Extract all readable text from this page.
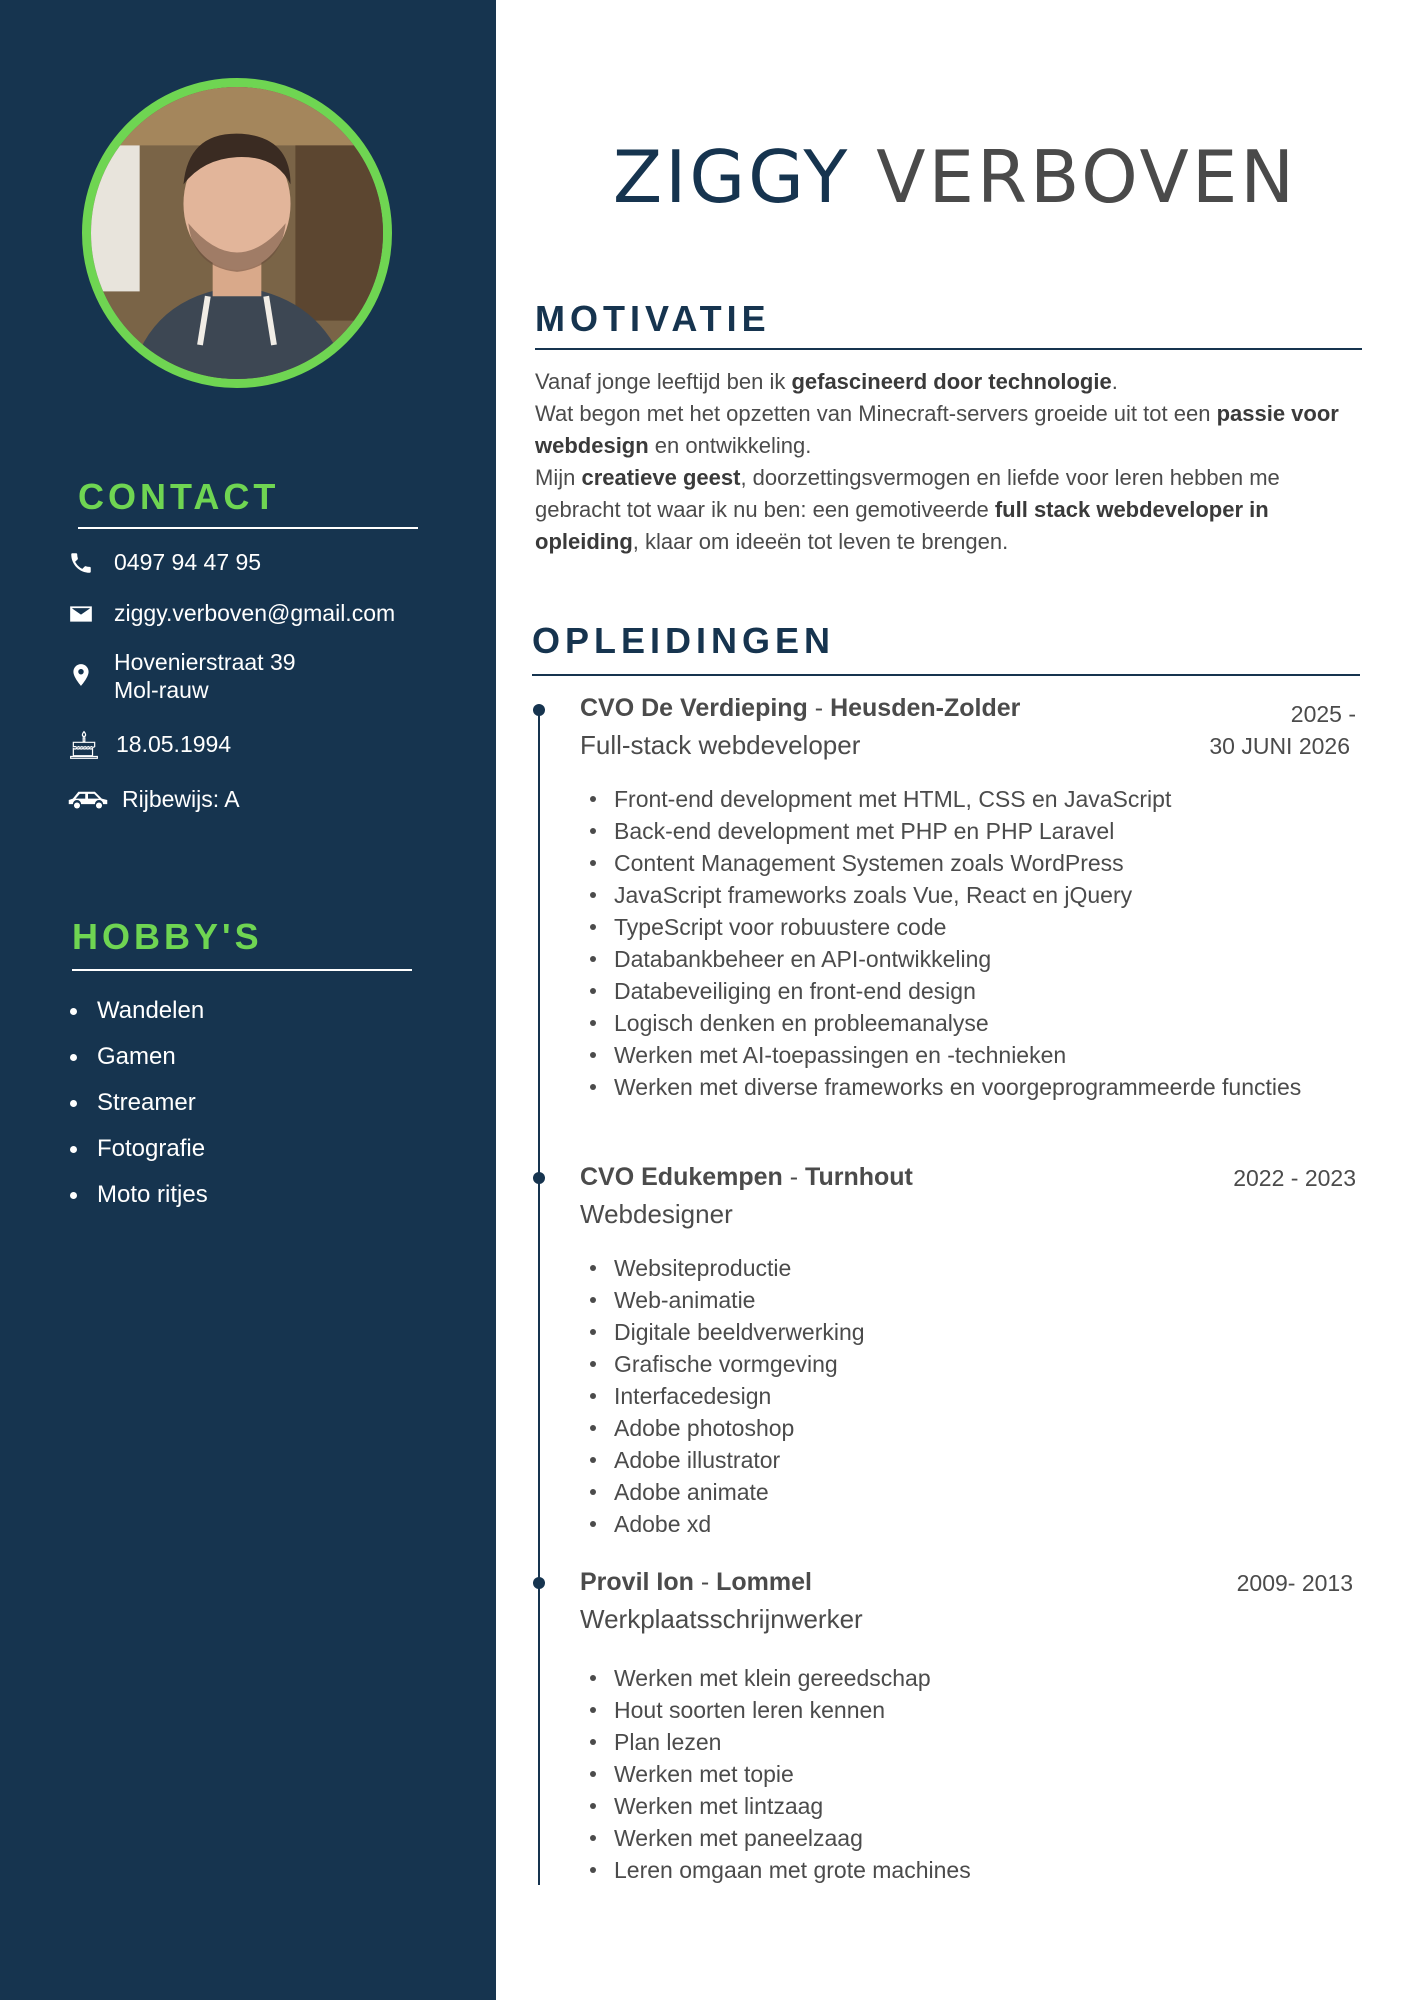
CONTACT
0497 94 47 95
ziggy.verboven@gmail.com
Hovenierstraat 39
Mol-rauw
18.05.1994
Rijbewijs: A
HOBBY'S
Wandelen
Gamen
Streamer
Fotografie
Moto ritjes
ZIGGY VERBOVEN
MOTIVATIE
Vanaf jonge leeftijd ben ik gefascineerd door technologie.
Wat begon met het opzetten van Minecraft-servers groeide uit tot een passie voor webdesign en ontwikkeling.
Mijn creatieve geest, doorzettingsvermogen en liefde voor leren hebben me gebracht tot waar ik nu ben: een gemotiveerde full stack webdeveloper in opleiding, klaar om ideeën tot leven te brengen.
OPLEIDINGEN
CVO De Verdieping - Heusden-Zolder
Full-stack webdeveloper
2025 -
30 JUNI 2026
Front-end development met HTML, CSS en JavaScript
Back-end development met PHP en PHP Laravel
Content Management Systemen zoals WordPress
JavaScript frameworks zoals Vue, React en jQuery
TypeScript voor robuustere code
Databankbeheer en API-ontwikkeling
Databeveiliging en front-end design
Logisch denken en probleemanalyse
Werken met AI-toepassingen en -technieken
Werken met diverse frameworks en voorgeprogrammeerde functies
CVO Edukempen - Turnhout
Webdesigner
2022 - 2023
Websiteproductie
Web-animatie
Digitale beeldverwerking
Grafische vormgeving
Interfacedesign
Adobe photoshop
Adobe illustrator
Adobe animate
Adobe xd
Provil Ion - Lommel
Werkplaatsschrijnwerker
2009- 2013
Werken met klein gereedschap
Hout soorten leren kennen
Plan lezen
Werken met topie
Werken met lintzaag
Werken met paneelzaag
Leren omgaan met grote machines
